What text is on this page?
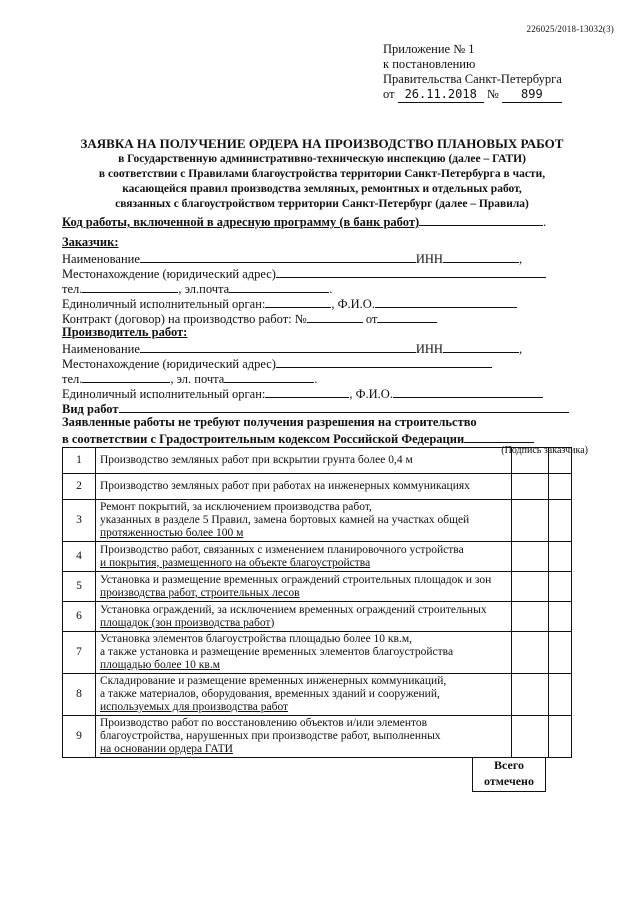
226025/2018-13032(3)
Приложение № 1
к постановлению
Правительства Санкт-Петербурга
от 26.11.2018 № 899
ЗАЯВКА НА ПОЛУЧЕНИЕ ОРДЕРА НА ПРОИЗВОДСТВО ПЛАНОВЫХ РАБОТ
в Государственную административно-техническую инспекцию (далее – ГАТИ)
в соответствии с Правилами благоустройства территории Санкт-Петербурга в части,
касающейся правил производства земляных, ремонтных и отдельных работ,
связанных с благоустройством территории Санкт-Петербург (далее – Правила)
Код работы, включенной в адресную программу (в банк работ)	.
Заказчик:
Наименование	ИНН	,
Местонахождение (юридический адрес)
тел.	, эл.почта	.
Единоличный исполнительный орган:	, Ф.И.О.
Контракт (договор) на производство работ: №	от
Производитель работ:
Наименование	ИНН	,
Местонахождение (юридический адрес)
тел.	, эл. почта	.
Единоличный исполнительный орган:	, Ф.И.О.
Вид работ
Заявленные работы не требуют получения разрешения на строительство
в соответствии с Градостроительным кодексом Российской Федерации
(Подпись заказчика)
1	Производство земляных работ при вскрытии грунта более 0,4 м		

2	Производство земляных работ при работах на инженерных коммуникациях		

3	Ремонт покрытий, за исключением производства работ,
указанных в разделе 5 Правил, замена бортовых камней на участках общей
протяженностью более 100 м		

4	Производство работ, связанных с изменением планировочного устройства
и покрытия, размещенного на объекте благоустройства		

5	Установка и размещение временных ограждений строительных площадок и зон
производства работ, строительных лесов		

6	Установка ограждений, за исключением временных ограждений строительных
площадок (зон производства работ)		

7	Установка элементов благоустройства площадью более 10 кв.м,
а также установка и размещение временных элементов благоустройства
площадью более 10 кв.м		

8	Складирование и размещение временных инженерных коммуникаций,
а также материалов, оборудования, временных зданий и сооружений,
используемых для производства работ		

9	Производство работ по восстановлению объектов и/или элементов
благоустройства, нарушенных при производстве работ, выполненных
на основании ордера ГАТИ		

Всего
отмечено
